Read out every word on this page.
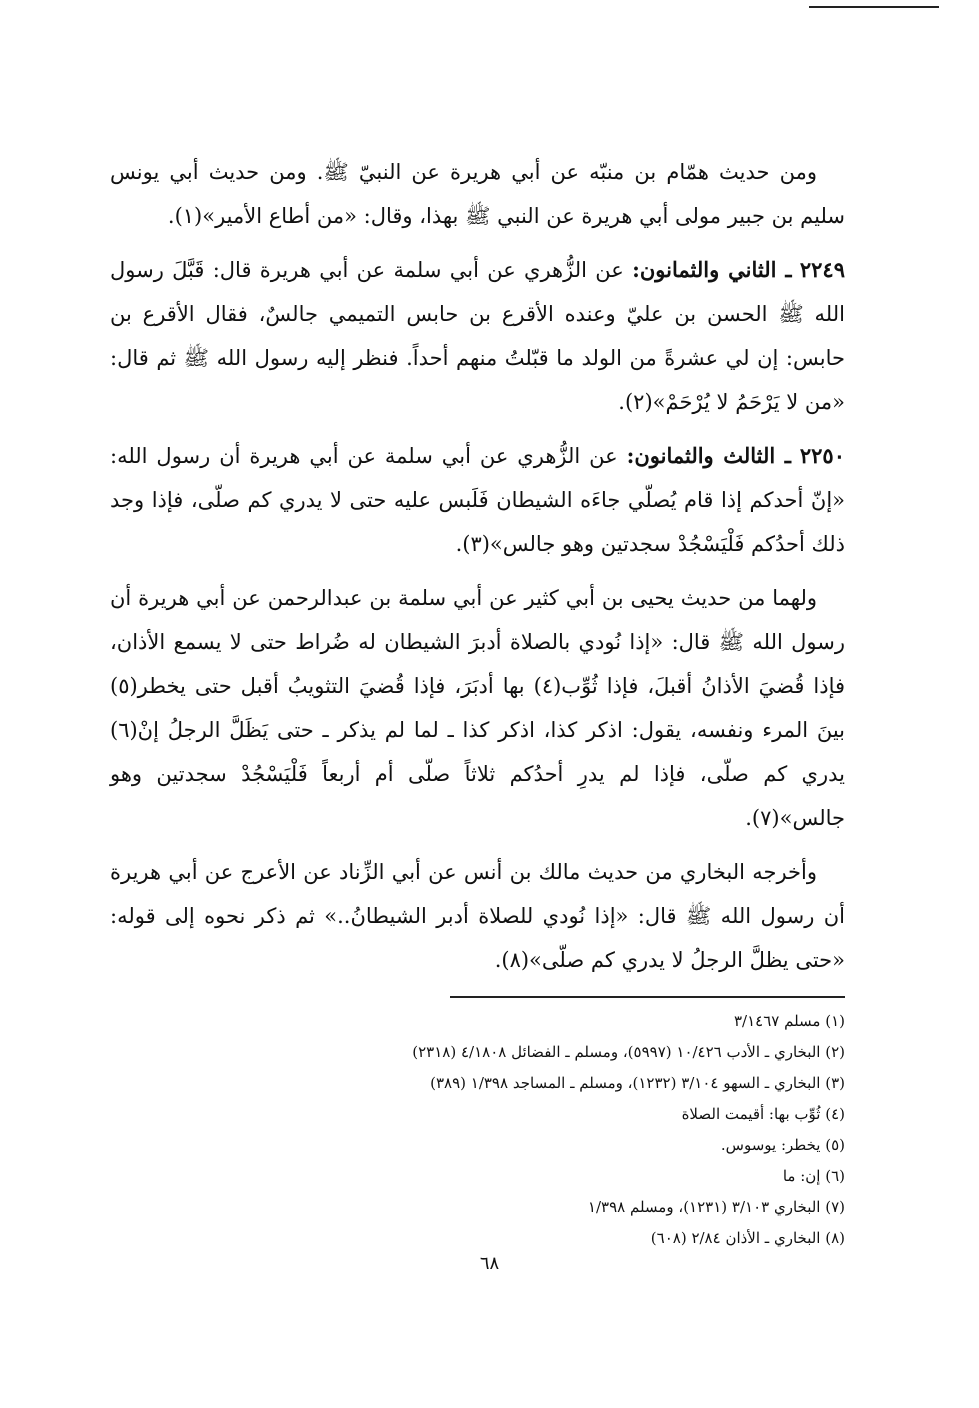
ومن حديث همّام بن منبّه عن أبي هريرة عن النبيّ ﷺ. ومن حديث أبي يونس سليم بن جبير مولى أبي هريرة عن النبي ﷺ بهذا، وقال: «من أطاع الأمير»(١).

٢٢٤٩ ـ الثاني والثمانون: عن الزُّهري عن أبي سلمة عن أبي هريرة قال: قَبَّلَ رسول الله ﷺ الحسن بن عليّ وعنده الأقرع بن حابس التميمي جالسٌ، فقال الأقرع بن حابس: إن لي عشرةً من الولد ما قبّلتُ منهم أحداً. فنظر إليه رسول الله ﷺ ثم قال: «من لا يَرْحَمُ لا يُرْحَمْ»(٢).

٢٢٥٠ ـ الثالث والثمانون: عن الزُّهري عن أبي سلمة عن أبي هريرة أن رسول الله: «إنّ أحدكم إذا قام يُصلّي جاءَه الشيطان فَلَبس عليه حتى لا يدري كم صلّى، فإذا وجد ذلك أحدُكم فَلْيَسْجُدْ سجدتين وهو جالس»(٣).

ولهما من حديث يحيى بن أبي كثير عن أبي سلمة بن عبدالرحمن عن أبي هريرة أن رسول الله ﷺ قال: «إذا نُودي بالصلاة أدبرَ الشيطان له ضُراط حتى لا يسمع الأذان، فإذا قُضيَ الأذانُ أقبلَ، فإذا ثُوِّب(٤) بها أدبَرَ، فإذا قُضيَ التثويبُ أقبل حتى يخطر(٥) بينَ المرء ونفسه، يقول: اذكر كذا، اذكر كذا ـ لما لم يذكر ـ حتى يَظَلَّ الرجلُ إنْ(٦) يدري كم صلّى، فإذا لم يدرِ أحدُكم ثلاثاً صلّى أم أربعاً فَلْيَسْجُدْ سجدتين وهو جالس»(٧).

وأخرجه البخاري من حديث مالك بن أنس عن أبي الزِّناد عن الأعرج عن أبي هريرة أن رسول الله ﷺ قال: «إذا نُودي للصلاة أدبر الشيطانُ..» ثم ذكر نحوه إلى قوله: «حتى يظلَّ الرجلُ لا يدري كم صلّى»(٨).

(١) مسلم ٣/١٤٦٧
(٢) البخاري ـ الأدب ١٠/٤٢٦ (٥٩٩٧)، ومسلم ـ الفضائل ٤/١٨٠٨ (٢٣١٨)
(٣) البخاري ـ السهو ٣/١٠٤ (١٢٣٢)، ومسلم ـ المساجد ١/٣٩٨ (٣٨٩)
(٤) ثُوِّب بها: أقيمت الصلاة
(٥) يخطر: يوسوس.
(٦) إن: ما
(٧) البخاري ٣/١٠٣ (١٢٣١)، ومسلم ١/٣٩٨
(٨) البخاري ـ الأذان ٢/٨٤ (٦٠٨)
٦٨
